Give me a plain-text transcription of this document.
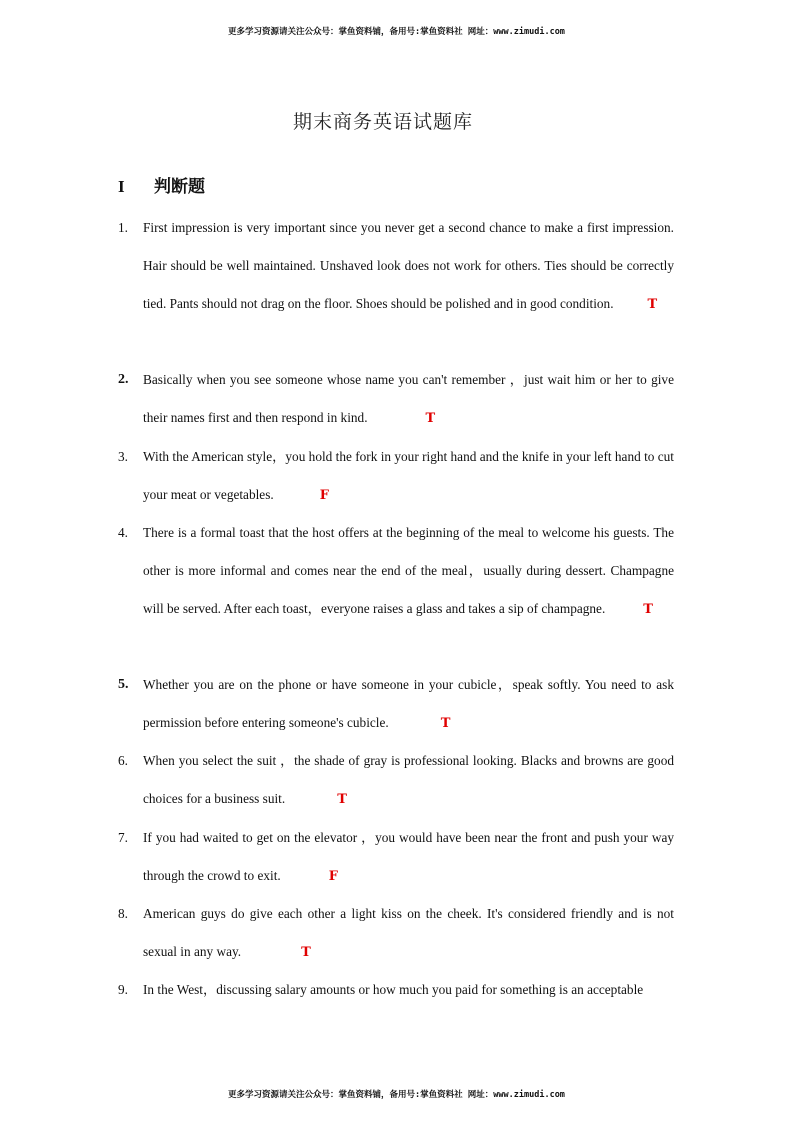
更多学习资源请关注公众号：掌鱼资料铺，备用号:掌鱼资料社 网址：www.zimudi.com
期末商务英语试题库
I 判断题
1. First impression is very important since you never get a second chance to make a first impression. Hair should be well maintained. Unshaved look does not work for others. Ties should be correctly tied. Pants should not drag on the floor. Shoes should be polished and in good condition.	T
2. Basically when you see someone whose name you can't remember ，just wait him or her to give their names first and then respond in kind.	T
3. With the American style，you hold the fork in your right hand and the knife in your left hand to cut your meat or vegetables.	F
4. There is a formal toast that the host offers at the beginning of the meal to welcome his guests. The other is more informal and comes near the end of the meal，usually during dessert. Champagne will be served. After each toast，everyone raises a glass and takes a sip of champagne.	T
5. Whether you are on the phone or have someone in your cubicle，speak softly. You need to ask permission before entering someone's cubicle.	T
6. When you select the suit ，the shade of gray is professional looking. Blacks and browns are good choices for a business suit.	T
7. If you had waited to get on the elevator ，you would have been near the front and push your way through the crowd to exit.	F
8. American guys do give each other a light kiss on the cheek. It's considered friendly and is not sexual in any way.	T
9. In the West，discussing salary amounts or how much you paid for something is an acceptable
更多学习资源请关注公众号：掌鱼资料铺，备用号:掌鱼资料社 网址：www.zimudi.com
